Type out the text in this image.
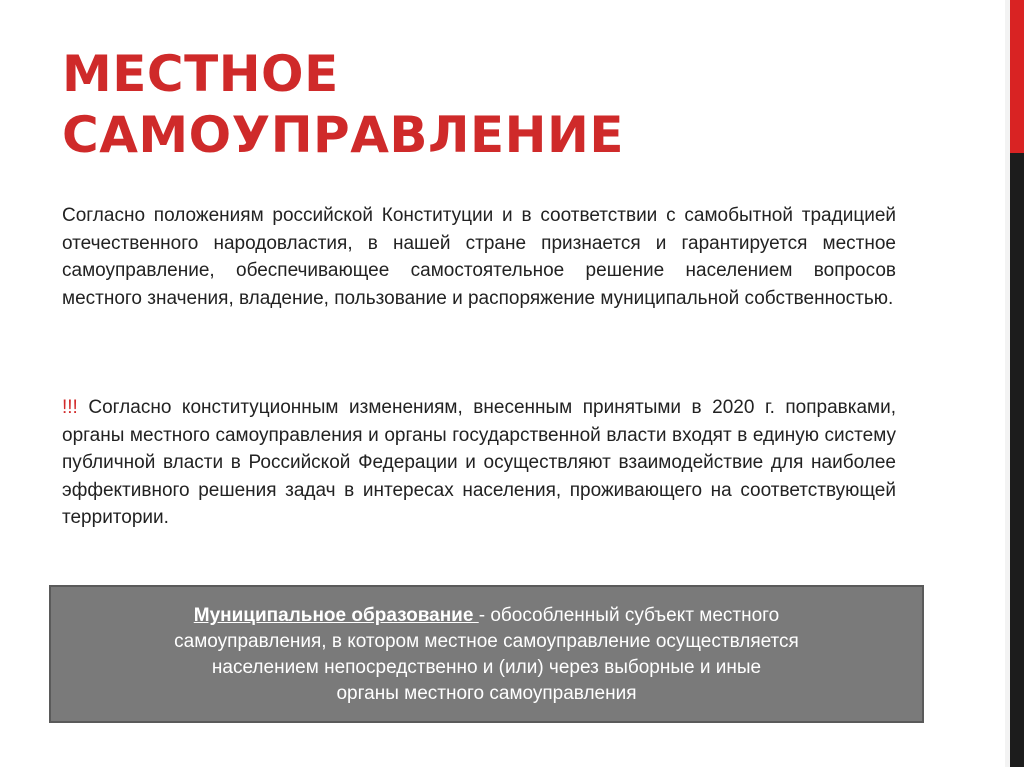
МЕСТНОЕ
САМОУПРАВЛЕНИЕ

Согласно положениям российской Конституции и в соответствии с самобытной традицией отечественного народовластия, в нашей стране признается и гарантируется местное самоуправление, обеспечивающее самостоятельное решение населением вопросов местного значения, владение, пользование и распоряжение муниципальной собственностью.

!!! Согласно конституционным изменениям, внесенным принятыми в 2020 г. поправками, органы местного самоуправления и органы государственной власти входят в единую систему публичной власти в Российской Федерации и осуществляют взаимодействие для наиболее эффективного решения задач в интересах населения, проживающего на соответствующей территории.

Муниципальное образование - обособленный субъект местного
самоуправления, в котором местное самоуправление осуществляется
населением непосредственно и (или) через выборные и иные
органы местного самоуправления
